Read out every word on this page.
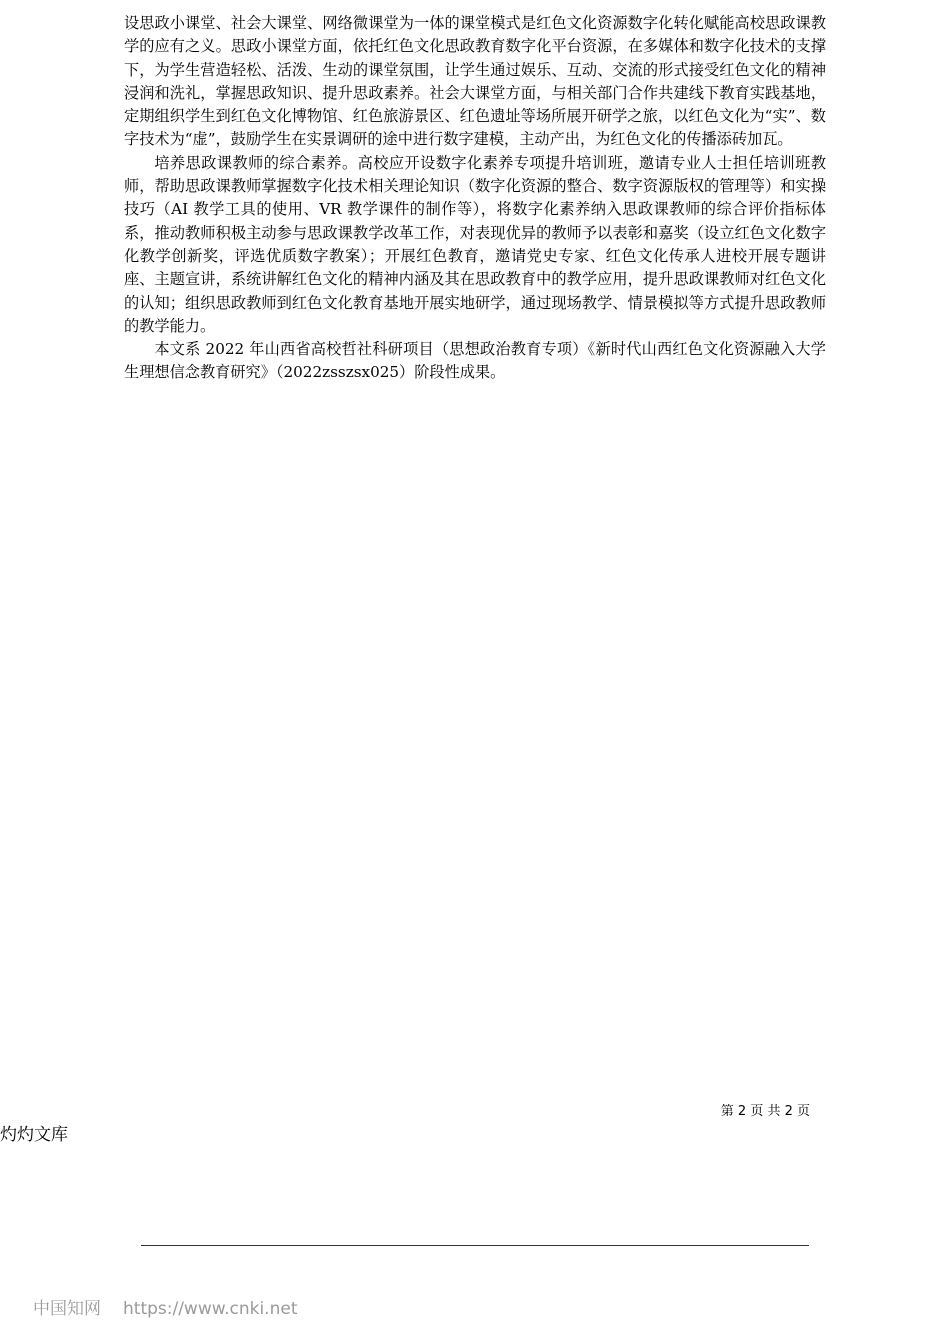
设思政小课堂、社会大课堂、网络微课堂为一体的课堂模式是红色文化资源数字化转化赋能高校思政课教学的应有之义。思政小课堂方面，依托红色文化思政教育数字化平台资源，在多媒体和数字化技术的支撑下，为学生营造轻松、活泼、生动的课堂氛围，让学生通过娱乐、互动、交流的形式接受红色文化的精神浸润和洗礼，掌握思政知识、提升思政素养。社会大课堂方面，与相关部门合作共建线下教育实践基地，定期组织学生到红色文化博物馆、红色旅游景区、红色遗址等场所展开研学之旅，以红色文化为“实”、数字技术为“虚”，鼓励学生在实景调研的途中进行数字建模，主动产出，为红色文化的传播添砖加瓦。

培养思政课教师的综合素养。高校应开设数字化素养专项提升培训班，邀请专业人士担任培训班教师，帮助思政课教师掌握数字化技术相关理论知识（数字化资源的整合、数字资源版权的管理等）和实操技巧（AI 教学工具的使用、VR 教学课件的制作等），将数字化素养纳入思政课教师的综合评价指标体系，推动教师积极主动参与思政课教学改革工作，对表现优异的教师予以表彰和嘉奖（设立红色文化数字化教学创新奖，评选优质数字教案）；开展红色教育，邀请党史专家、红色文化传承人进校开展专题讲座、主题宣讲，系统讲解红色文化的精神内涵及其在思政教育中的教学应用，提升思政课教师对红色文化的认知；组织思政教师到红色文化教育基地开展实地研学，通过现场教学、情景模拟等方式提升思政教师的教学能力。

本文系 2022 年山西省高校哲社科研项目（思想政治教育专项）《新时代山西红色文化资源融入大学生理想信念教育研究》（2022zsszsx025）阶段性成果。

第 2 页 共 2 页
灼灼文库
中国知网 https://www.cnki.net
